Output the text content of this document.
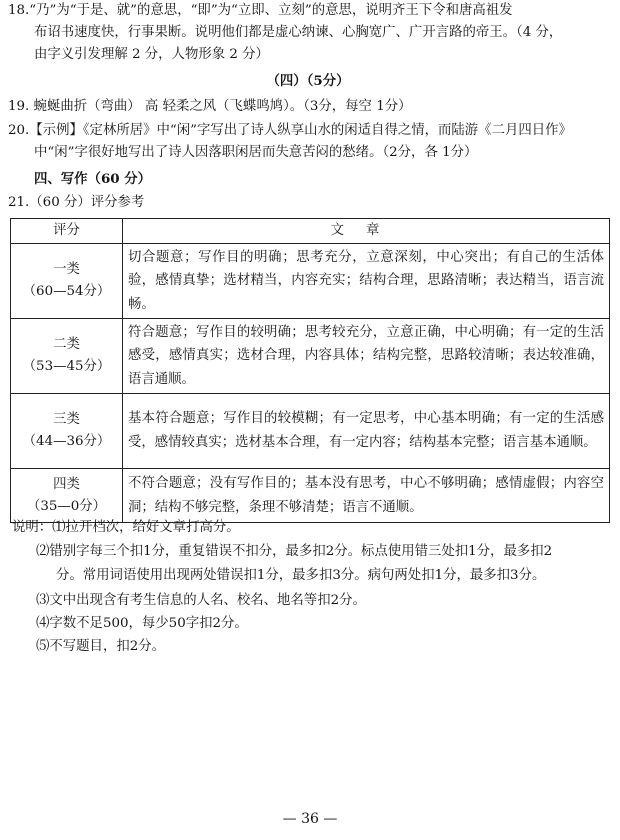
18.“乃”为“于是、就”的意思，“即”为“立即、立刻”的意思，说明齐王下令和唐高祖发
布诏书速度快，行事果断。说明他们都是虚心纳谏、心胸宽广、广开言路的帝王。（4 分，
由字义引发理解 2 分，人物形象 2 分）
（四）（5分）
19. 蜿蜒曲折（弯曲） 高 轻柔之风（飞蝶鸣鸠）。（3分，每空 1分）
20.【示例】《定林所居》中“闲”字写出了诗人纵享山水的闲适自得之情，而陆游《二月四日作》
中“闲”字很好地写出了诗人因落职闲居而失意苦闷的愁绪。（2分，各 1分）
四、写作（60 分）
21.（60 分）评分参考
评分	文章

一类
（60—54分）	切合题意；写作目的明确；思考充分，立意深刻，中心突出；有自己的生活体验，感情真挚；选材精当，内容充实；结构合理，思路清晰；表达精当，语言流畅。

二类
（53—45分）	符合题意；写作目的较明确；思考较充分，立意正确，中心明确；有一定的生活感受，感情真实；选材合理，内容具体；结构完整，思路较清晰；表达较准确，语言通顺。

三类
（44—36分）	基本符合题意；写作目的较模糊；有一定思考，中心基本明确；有一定的生活感受，感情较真实；选材基本合理，有一定内容；结构基本完整；语言基本通顺。

四类
（35—0分）	不符合题意；没有写作目的；基本没有思考，中心不够明确；感情虚假；内容空洞；结构不够完整，条理不够清楚；语言不通顺。
说明：⑴拉开档次，给好文章打高分。
⑵错别字每三个扣1分，重复错误不扣分，最多扣2分。标点使用错三处扣1分，最多扣2
分。常用词语使用出现两处错误扣1分，最多扣3分。病句两处扣1分，最多扣3分。
⑶文中出现含有考生信息的人名、校名、地名等扣2分。
⑷字数不足500，每少50字扣2分。
⑸不写题目，扣2分。
— 36 —
